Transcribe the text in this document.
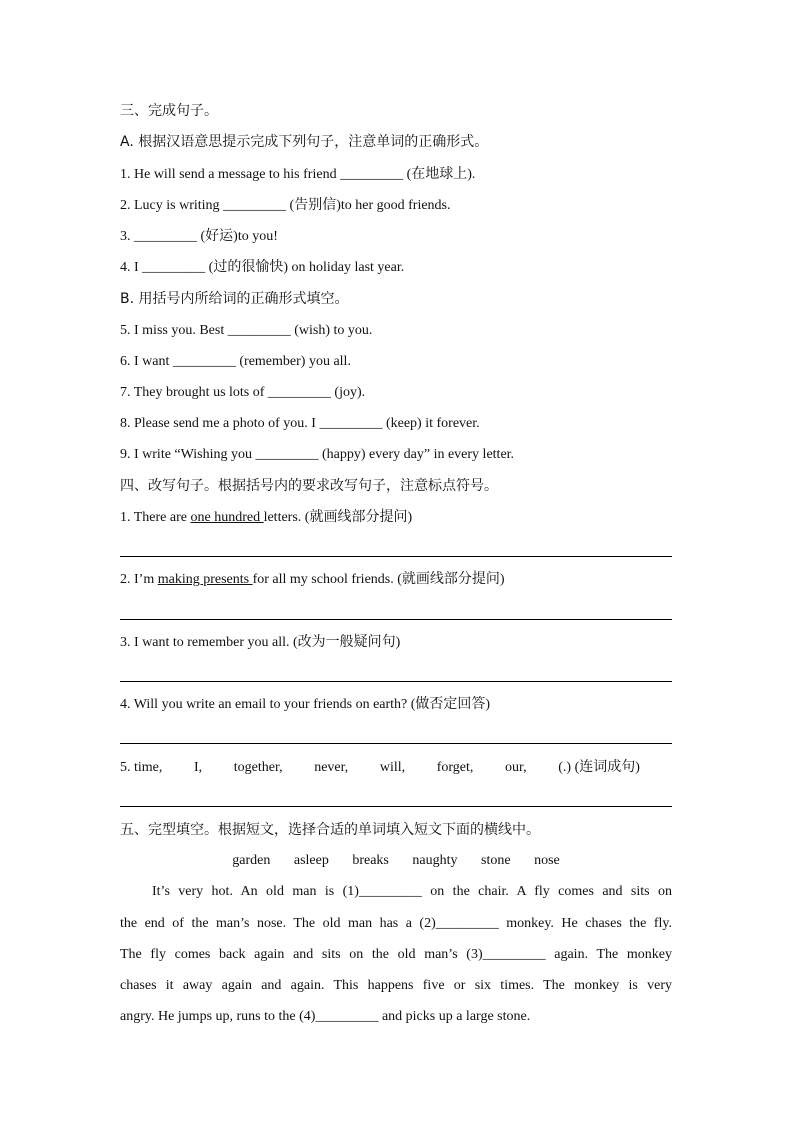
三、完成句子。
A. 根据汉语意思提示完成下列句子，注意单词的正确形式。
1. He will send a message to his friend _________ (在地球上).
2. Lucy is writing _________ (告别信)to her good friends.
3. _________ (好运)to you!
4. I _________ (过的很愉快) on holiday last year.
B. 用括号内所给词的正确形式填空。
5. I miss you. Best _________ (wish) to you.
6. I want _________ (remember) you all.
7. They brought us lots of _________ (joy).
8. Please send me a photo of you. I _________ (keep) it forever.
9. I write “Wishing you _________ (happy) every day” in every letter.
四、改写句子。根据括号内的要求改写句子，注意标点符号。
1. There are one hundred letters. (就画线部分提问)
2. I’m making presents for all my school friends. (就画线部分提问)
3. I want to remember you all. (改为一般疑问句)
4. Will you write an email to your friends on earth? (做否定回答)
5. time, I, together, never, will, forget, our, (.) (连词成句)
五、完型填空。根据短文，选择合适的单词填入短文下面的横线中。
garden asleep breaks naughty stone nose
It’s very hot. An old man is (1)_________ on the chair. A fly comes and sits on
the end of the man’s nose. The old man has a (2)_________ monkey. He chases the fly.
The fly comes back again and sits on the old man’s (3)_________ again. The monkey
chases it away again and again. This happens five or six times. The monkey is very
angry. He jumps up, runs to the (4)_________ and picks up a large stone.
